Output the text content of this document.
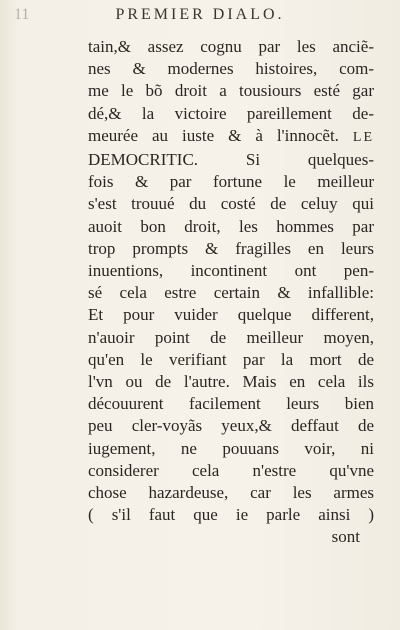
11	PREMIER DIALO.
tain,& assez cognu par les anciẽ-
nes & modernes histoires, com-
me le bõ droit a tousiours esté gar
dé,& la victoire pareillement de-
meurée au iuste & à l'innocẽt. LE
DEMOCRITIC. Si quelques-
fois & par fortune le meilleur
s'est trouué du costé de celuy qui
auoit bon droit, les hommes par
trop prompts & fragilles en leurs
inuentions, incontinent ont pen-
sé cela estre certain & infallible:
Et pour vuider quelque different,
n'auoir point de meilleur moyen,
qu'en le verifiant par la mort de
l'vn ou de l'autre. Mais en cela ils
découurent facilement leurs bien
peu cler-voyãs yeux,& deffaut de
iugement, ne pouuans voir, ni
considerer cela n'estre qu'vne
chose hazardeuse, car les armes
( s'il faut que ie parle ainsi )
sont
